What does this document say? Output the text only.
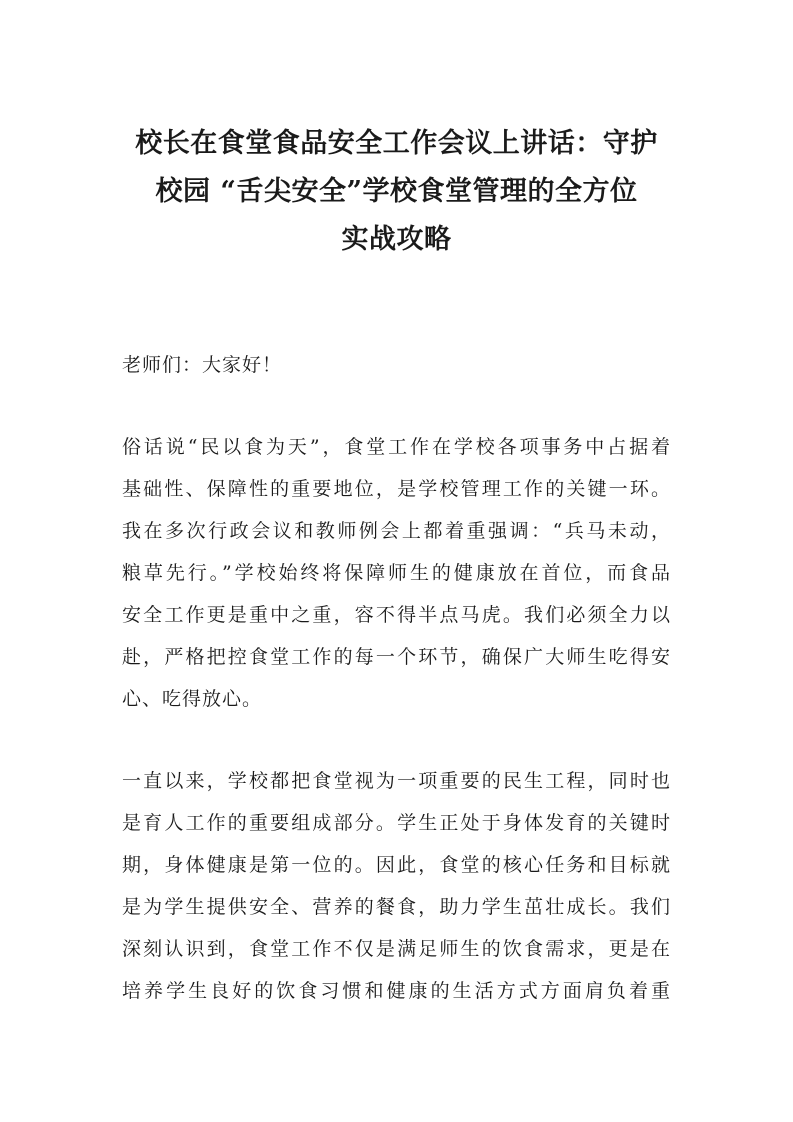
校长在食堂食品安全工作会议上讲话：守护
校园 “舌尖安全”学校食堂管理的全方位
实战攻略

老师们：大家好！

俗话说“民以食为天”，食堂工作在学校各项事务中占据着
基础性、保障性的重要地位，是学校管理工作的关键一环。
我在多次行政会议和教师例会上都着重强调：“兵马未动，
粮草先行。”学校始终将保障师生的健康放在首位，而食品
安全工作更是重中之重，容不得半点马虎。我们必须全力以
赴，严格把控食堂工作的每一个环节，确保广大师生吃得安
心、吃得放心。

一直以来，学校都把食堂视为一项重要的民生工程，同时也
是育人工作的重要组成部分。学生正处于身体发育的关键时
期，身体健康是第一位的。因此，食堂的核心任务和目标就
是为学生提供安全、营养的餐食，助力学生茁壮成长。我们
深刻认识到，食堂工作不仅是满足师生的饮食需求，更是在
培养学生良好的饮食习惯和健康的生活方式方面肩负着重
